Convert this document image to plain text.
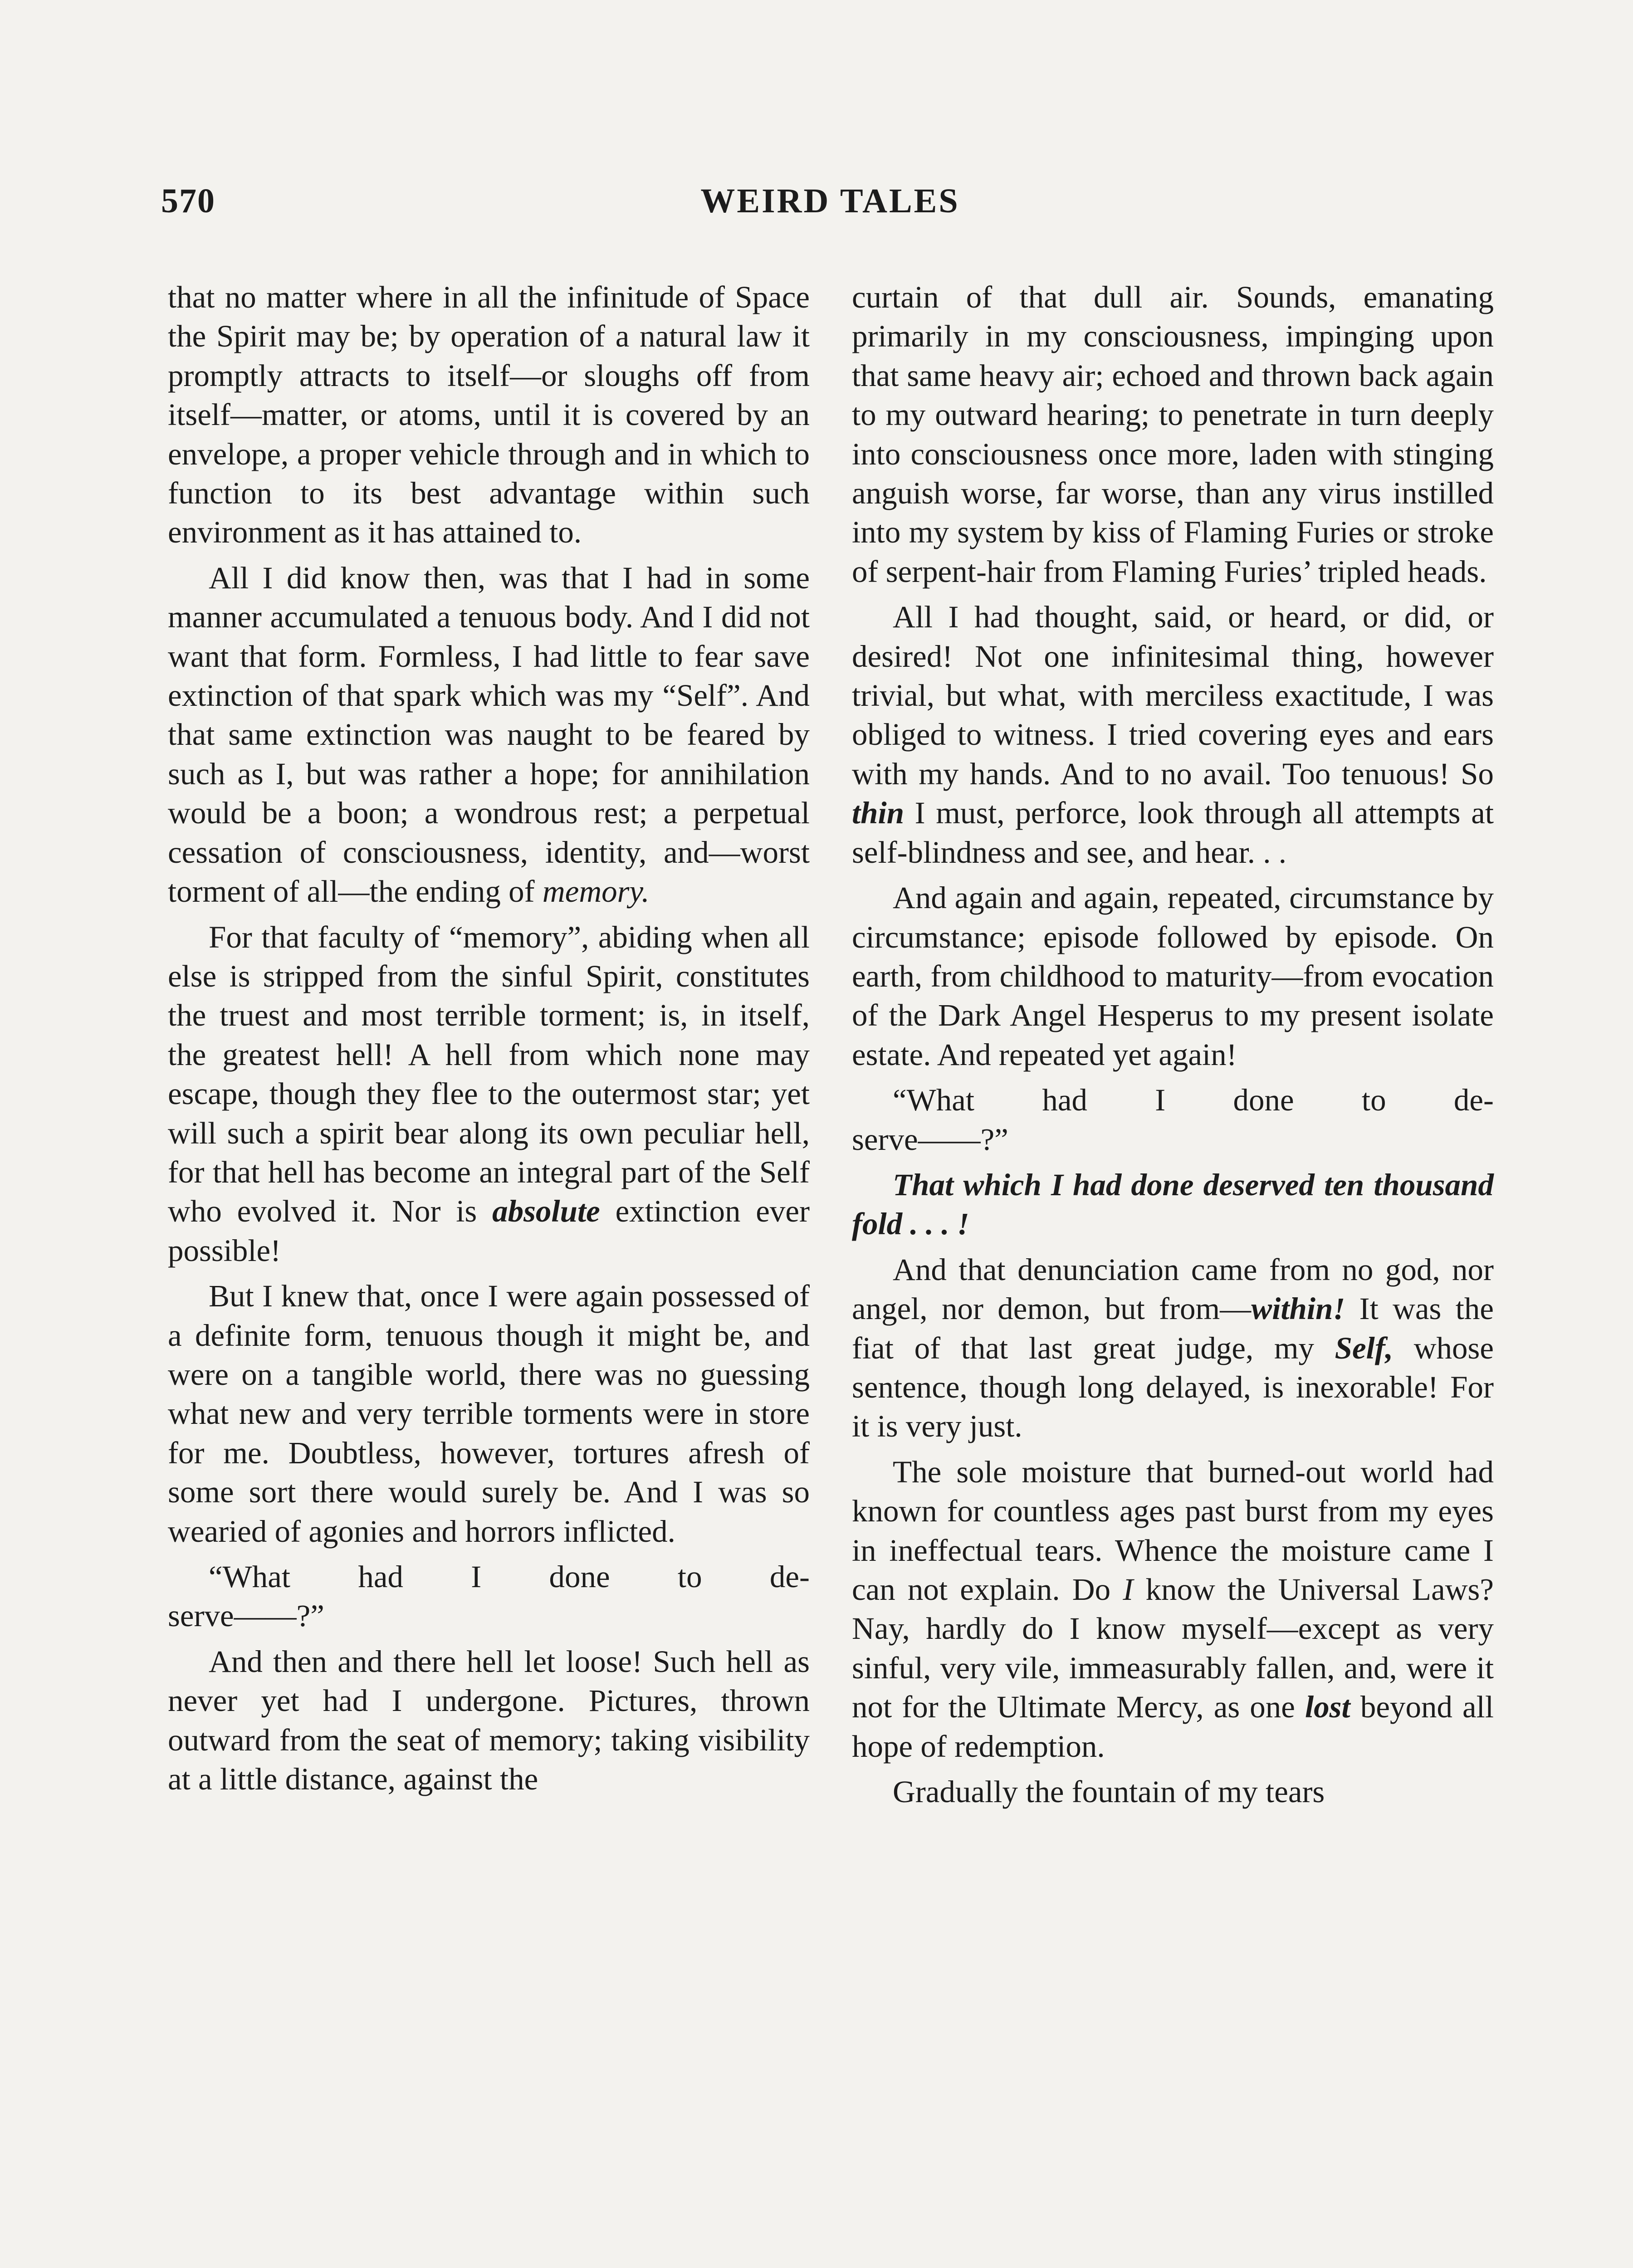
570	WEIRD TALES

that no matter where in all the infinitude of Space the Spirit may be; by operation of a natural law it promptly attracts to itself—or sloughs off from itself—matter, or atoms, until it is covered by an envelope, a proper vehicle through and in which to function to its best advantage within such environment as it has attained to.

All I did know then, was that I had in some manner accumulated a tenuous body. And I did not want that form. Formless, I had little to fear save extinction of that spark which was my “Self”. And that same extinction was naught to be feared by such as I, but was rather a hope; for annihilation would be a boon; a wondrous rest; a perpetual cessation of consciousness, identity, and—worst torment of all—the ending of memory.

For that faculty of “memory”, abiding when all else is stripped from the sinful Spirit, constitutes the truest and most terrible torment; is, in itself, the greatest hell! A hell from which none may escape, though they flee to the outermost star; yet will such a spirit bear along its own peculiar hell, for that hell has become an integral part of the Self who evolved it. Nor is absolute extinction ever possible!

But I knew that, once I were again possessed of a definite form, tenuous though it might be, and were on a tangible world, there was no guessing what new and very terrible torments were in store for me. Doubtless, however, tortures afresh of some sort there would surely be. And I was so wearied of agonies and horrors inflicted.

“What had I done to de-
serve——?”

And then and there hell let loose! Such hell as never yet had I undergone. Pictures, thrown outward from the seat of memory; taking visibility at a little distance, against the

curtain of that dull air. Sounds, emanating primarily in my consciousness, impinging upon that same heavy air; echoed and thrown back again to my outward hearing; to penetrate in turn deeply into consciousness once more, laden with stinging anguish worse, far worse, than any virus instilled into my system by kiss of Flaming Furies or stroke of serpent-hair from Flaming Furies’ tripled heads.

All I had thought, said, or heard, or did, or desired! Not one infinitesimal thing, however trivial, but what, with merciless exactitude, I was obliged to witness. I tried covering eyes and ears with my hands. And to no avail. Too tenuous! So thin I must, perforce, look through all attempts at self-blindness and see, and hear. . .

And again and again, repeated, circumstance by circumstance; episode followed by episode. On earth, from childhood to maturity—from evocation of the Dark Angel Hesperus to my present isolate estate. And repeated yet again!

“What had I done to de-
serve——?”

That which I had done deserved ten thousand fold . . . !

And that denunciation came from no god, nor angel, nor demon, but from—within! It was the fiat of that last great judge, my Self, whose sentence, though long delayed, is inexorable! For it is very just.

The sole moisture that burned-out world had known for countless ages past burst from my eyes in ineffectual tears. Whence the moisture came I can not explain. Do I know the Universal Laws? Nay, hardly do I know myself—except as very sinful, very vile, immeasurably fallen, and, were it not for the Ultimate Mercy, as one lost beyond all hope of redemption.

Gradually the fountain of my tears
